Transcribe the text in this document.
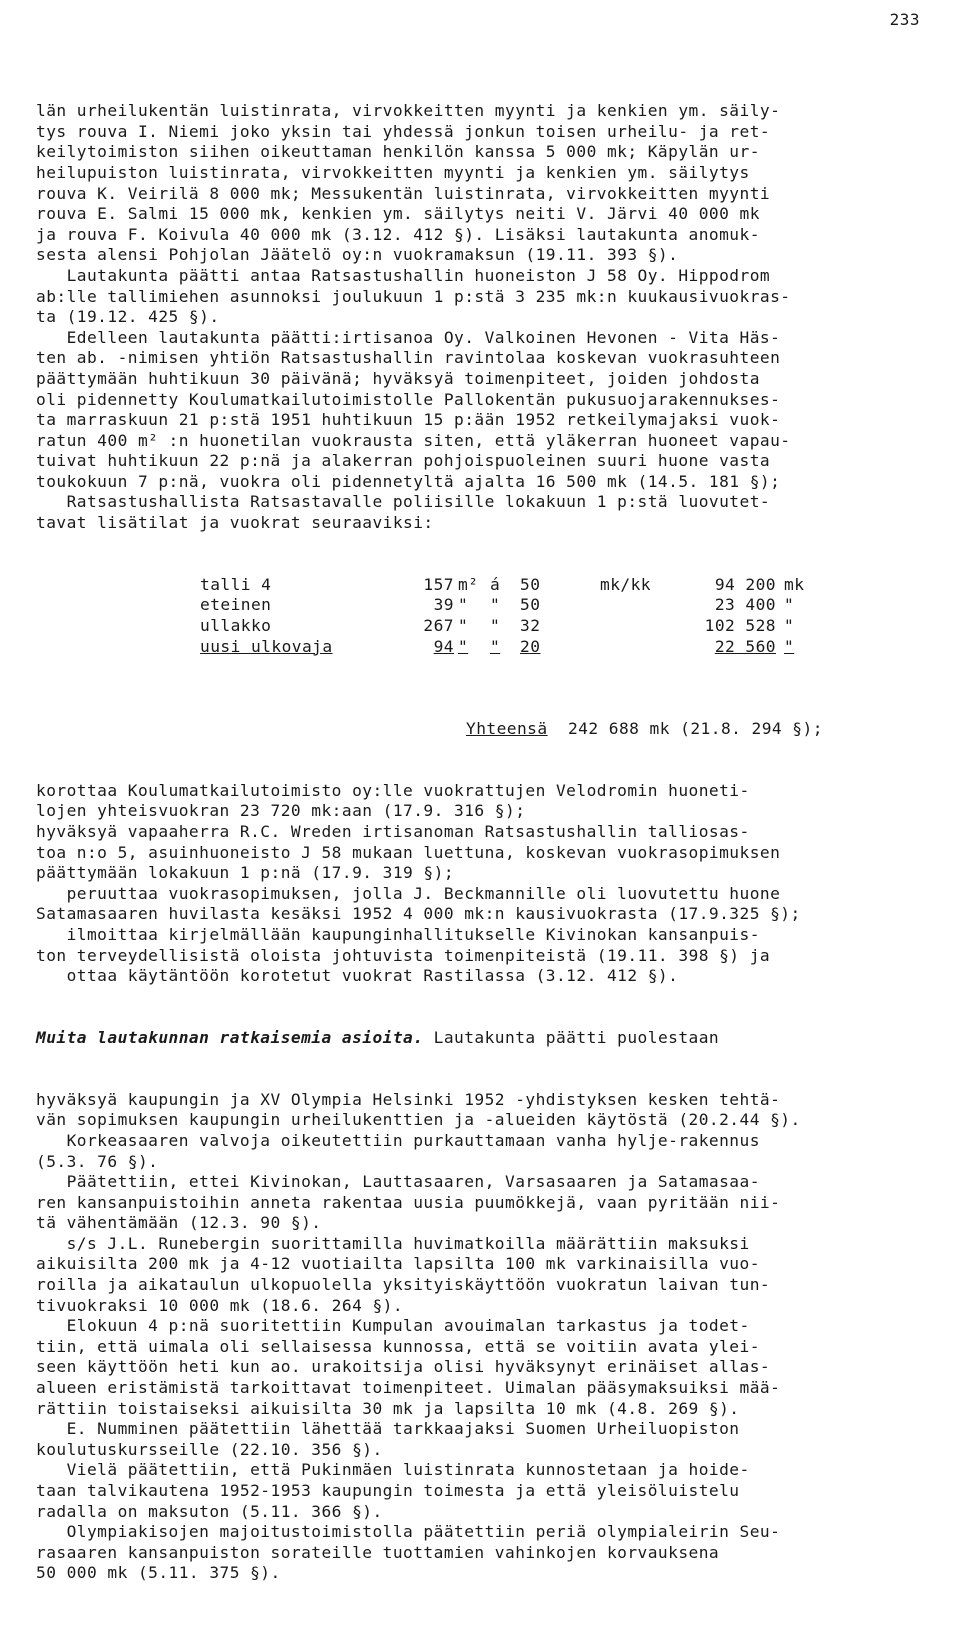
233

län urheilukentän luistinrata, virvokkeitten myynti ja kenkien ym. säily-
tys rouva I. Niemi joko yksin tai yhdessä jonkun toisen urheilu- ja ret-
keilytoimiston siihen oikeuttaman henkilön kanssa 5 000 mk; Käpylän ur-
heilupuiston luistinrata, virvokkeitten myynti ja kenkien ym. säilytys
rouva K. Veirilä 8 000 mk; Messukentän luistinrata, virvokkeitten myynti
rouva E. Salmi 15 000 mk, kenkien ym. säilytys neiti V. Järvi 40 000 mk
ja rouva F. Koivula 40 000 mk (3.12. 412 §). Lisäksi lautakunta anomuk-
sesta alensi Pohjolan Jäätelö oy:n vuokramaksun (19.11. 393 §).
Lautakunta päätti antaa Ratsastushallin huoneiston J 58 Oy. Hippodrom
ab:lle tallimiehen asunnoksi joulukuun 1 p:stä 3 235 mk:n kuukausivuokras-
ta (19.12. 425 §).
Edelleen lautakunta päätti:irtisanoa Oy. Valkoinen Hevonen - Vita Häs-
ten ab. -nimisen yhtiön Ratsastushallin ravintolaa koskevan vuokrasuhteen
päättymään huhtikuun 30 päivänä; hyväksyä toimenpiteet, joiden johdosta
oli pidennetty Koulumatkailutoimistolle Pallokentän pukusuojarakennukses-
ta marraskuun 21 p:stä 1951 huhtikuun 15 p:ään 1952 retkeilymajaksi vuok-
ratun 400 m² :n huonetilan vuokrausta siten, että yläkerran huoneet vapau-
tuivat huhtikuun 22 p:nä ja alakerran pohjoispuoleinen suuri huone vasta
toukokuun 7 p:nä, vuokra oli pidennetyltä ajalta 16 500 mk (14.5. 181 §);
Ratsastushallista Ratsastavalle poliisille lokakuun 1 p:stä luovutet-
tavat lisätilat ja vuokrat seuraaviksi:

talli 4	157 m² á	50	mk/kk	94 200 mk
eteinen	39 "	"	50	23 400 "
ullakko	267 "	"	32	102 528 "
uusi ulkovaja	94 "	"	20	22 560 "

Yhteensä 242 688 mk (21.8. 294 §);

korottaa Koulumatkailutoimisto oy:lle vuokrattujen Velodromin huoneti-
lojen yhteisvuokran 23 720 mk:aan (17.9. 316 §);
hyväksyä vapaaherra R.C. Wreden irtisanoman Ratsastushallin talliosas-
toa n:o 5, asuinhuoneisto J 58 mukaan luettuna, koskevan vuokrasopimuksen
päättymään lokakuun 1 p:nä (17.9. 319 §);
peruuttaa vuokrasopimuksen, jolla J. Beckmannille oli luovutettu huone
Satamasaaren huvilasta kesäksi 1952 4 000 mk:n kausivuokrasta (17.9.325 §);
ilmoittaa kirjelmällään kaupunginhallitukselle Kivinokan kansanpuis-
ton terveydellisistä oloista johtuvista toimenpiteistä (19.11. 398 §) ja
ottaa käytäntöön korotetut vuokrat Rastilassa (3.12. 412 §).

Muita lautakunnan ratkaisemia asioita. Lautakunta päätti puolestaan

hyväksyä kaupungin ja XV Olympia Helsinki 1952 -yhdistyksen kesken tehtä-
vän sopimuksen kaupungin urheilukenttien ja -alueiden käytöstä (20.2.44 §).
Korkeasaaren valvoja oikeutettiin purkauttamaan vanha hylje-rakennus
(5.3. 76 §).
Päätettiin, ettei Kivinokan, Lauttasaaren, Varsasaaren ja Satamasaa-
ren kansanpuistoihin anneta rakentaa uusia puumökkejä, vaan pyritään nii-
tä vähentämään (12.3. 90 §).
s/s J.L. Runebergin suorittamilla huvimatkoilla määrättiin maksuksi
aikuisilta 200 mk ja 4-12 vuotiailta lapsilta 100 mk varkinaisilla vuo-
roilla ja aikataulun ulkopuolella yksityiskäyttöön vuokratun laivan tun-
tivuokraksi 10 000 mk (18.6. 264 §).
Elokuun 4 p:nä suoritettiin Kumpulan avouimalan tarkastus ja todet-
tiin, että uimala oli sellaisessa kunnossa, että se voitiin avata ylei-
seen käyttöön heti kun ao. urakoitsija olisi hyväksynyt erinäiset allas-
alueen eristämistä tarkoittavat toimenpiteet. Uimalan pääsymaksuiksi mää-
rättiin toistaiseksi aikuisilta 30 mk ja lapsilta 10 mk (4.8. 269 §).
E. Numminen päätettiin lähettää tarkkaajaksi Suomen Urheiluopiston
koulutuskursseille (22.10. 356 §).
Vielä päätettiin, että Pukinmäen luistinrata kunnostetaan ja hoide-
taan talvikautena 1952-1953 kaupungin toimesta ja että yleisöluistelu
radalla on maksuton (5.11. 366 §).
Olympiakisojen majoitustoimistolla päätettiin periä olympialeirin Seu-
rasaaren kansanpuiston sorateille tuottamien vahinkojen korvauksena
50 000 mk (5.11. 375 §).
